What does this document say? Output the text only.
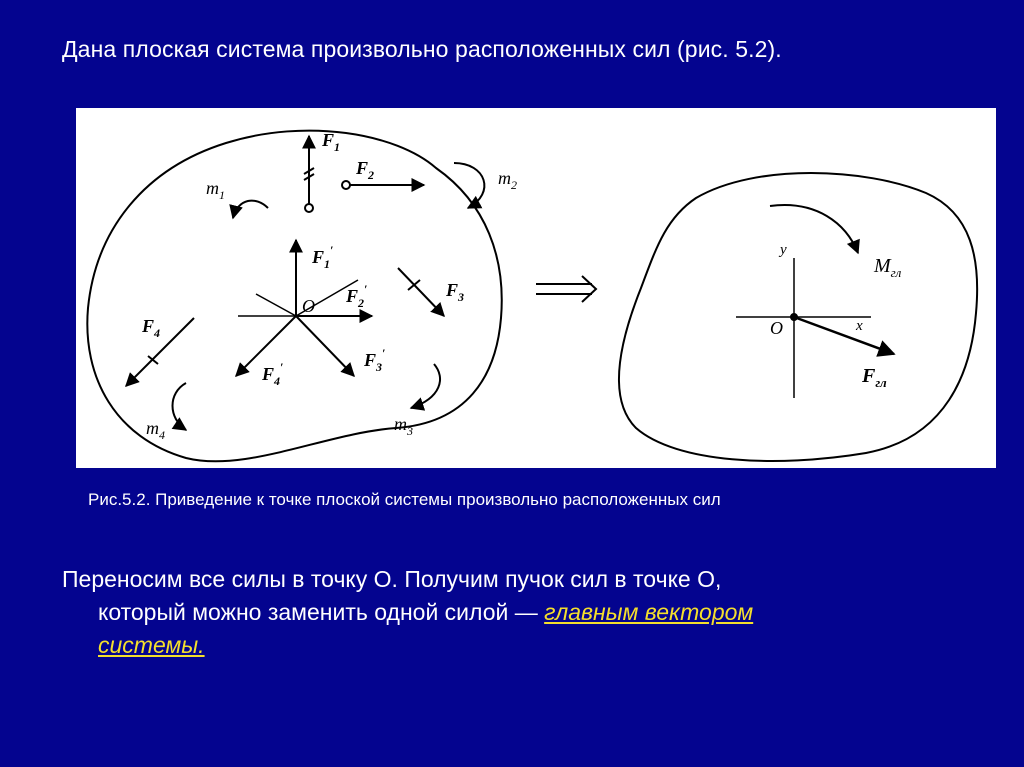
Дана плоская система произвольно расположенных сил (рис. 5.2).
$F_1$
$F_2$
$F_3$
$F_4$
$F_1'$
$F_2'$
$F_3'$
$F_4'$
$m_1$
$m_2$
$m_3$
$m_4$
O
y
x
O
$M_{гл}$
$F_{гл}$
Рис.5.2. Приведение к точке плоской системы произвольно расположенных сил
Переносим все силы в точку О. Получим пучок сил в точке О,
который можно заменить одной силой — главным вектором
системы.
